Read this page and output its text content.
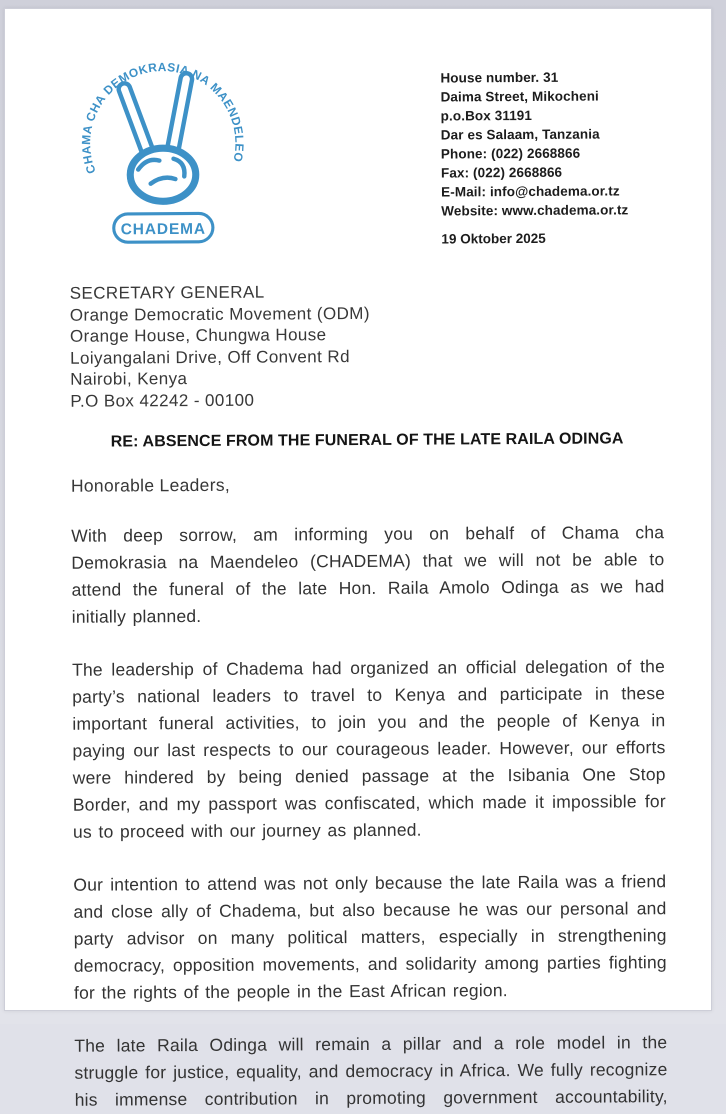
CHAMA CHA DEMOKRASIA NA MAENDELEO
CHADEMA
House number. 31
Daima Street, Mikocheni
p.o.Box 31191
Dar es Salaam, Tanzania
Phone: (022) 2668866
Fax: (022) 2668866
E-Mail: info@chadema.or.tz
Website: www.chadema.or.tz
19 Oktober 2025
SECRETARY GENERAL
Orange Democratic Movement (ODM)
Orange House, Chungwa House
Loiyangalani Drive, Off Convent Rd
Nairobi, Kenya
P.O Box 42242 - 00100
RE: ABSENCE FROM THE FUNERAL OF THE LATE RAILA ODINGA
Honorable Leaders,
With deep sorrow, am informing you on behalf of Chama cha Demokrasia na Maendeleo (CHADEMA) that we will not be able to attend the funeral of the late Hon. Raila Amolo Odinga as we had initially planned.
The leadership of Chadema had organized an official delegation of the party’s national leaders to travel to Kenya and participate in these important funeral activities, to join you and the people of Kenya in paying our last respects to our courageous leader. However, our efforts were hindered by being denied passage at the Isibania One Stop Border, and my passport was confiscated, which made it impossible for us to proceed with our journey as planned.
Our intention to attend was not only because the late Raila was a friend and close ally of Chadema, but also because he was our personal and party advisor on many political matters, especially in strengthening democracy, opposition movements, and solidarity among parties fighting for the rights of the people in the East African region.
The late Raila Odinga will remain a pillar and a role model in the struggle for justice, equality, and democracy in Africa. We fully recognize his immense contribution in promoting government accountability,
